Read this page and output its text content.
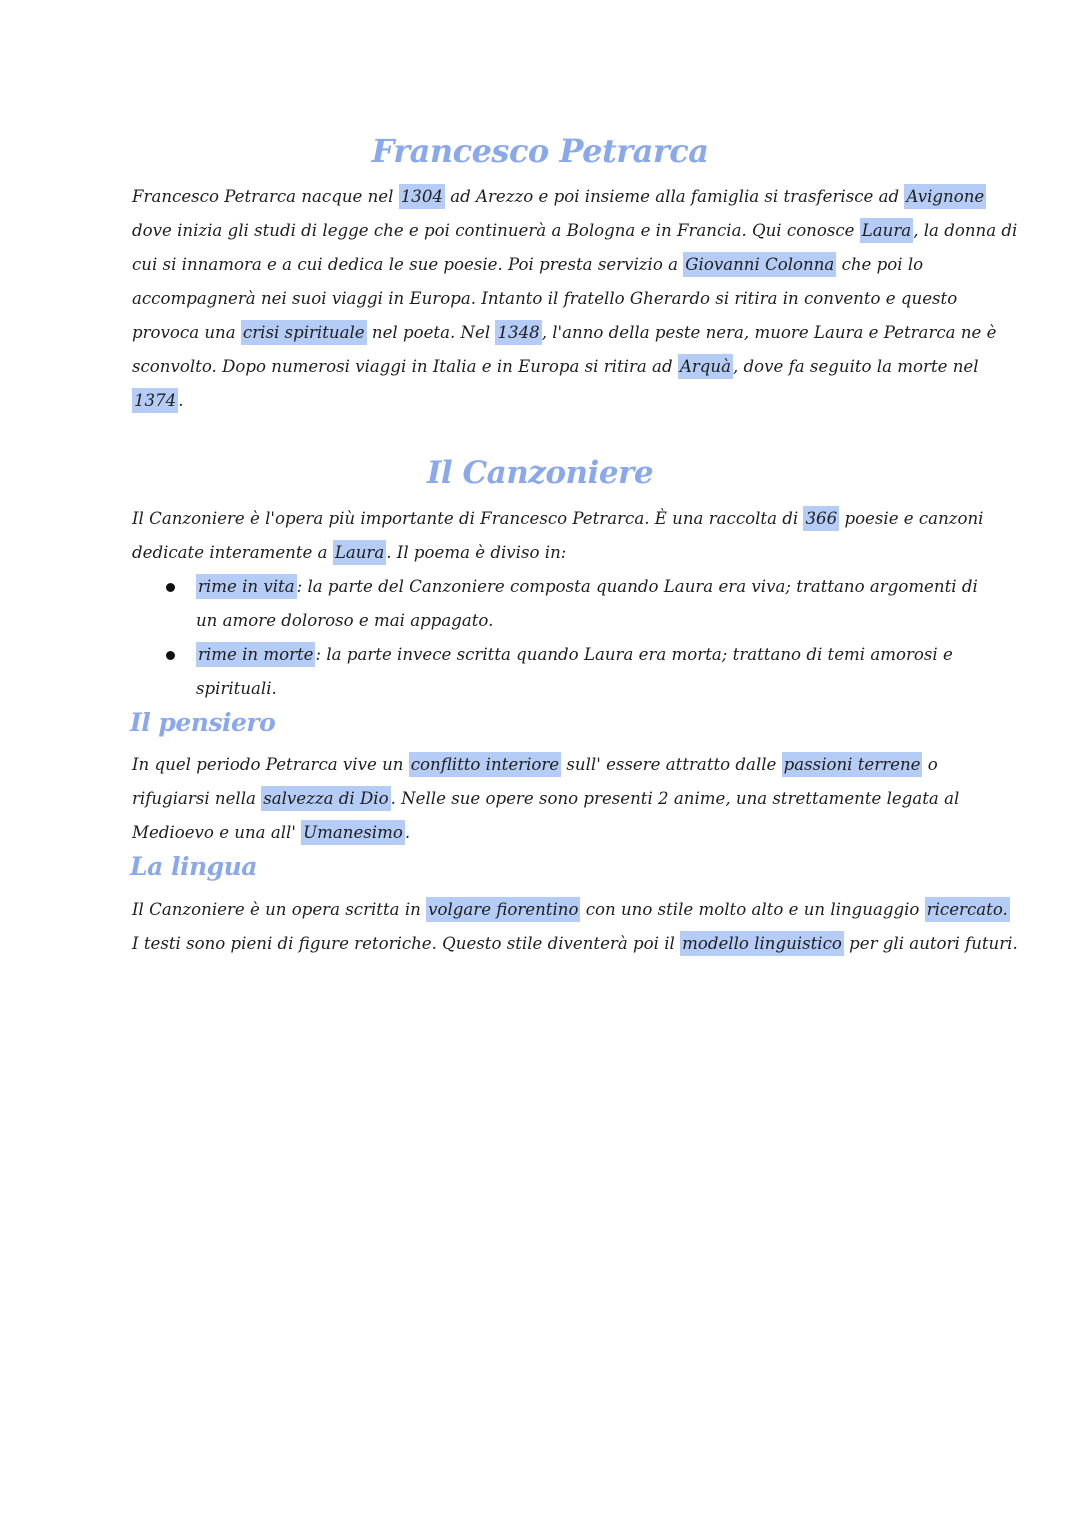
Francesco Petrarca
Francesco Petrarca nacque nel 1304 ad Arezzo e poi insieme alla famiglia si trasferisce ad Avignone
dove inizia gli studi di legge che e poi continuerà a Bologna e in Francia. Qui conosce Laura , la donna di
cui si innamora e a cui dedica le sue poesie. Poi presta servizio a Giovanni Colonna che poi lo
accompagnerà nei suoi viaggi in Europa. Intanto il fratello Gherardo si ritira in convento e questo
provoca una crisi spirituale nel poeta. Nel 1348 , l'anno della peste nera, muore Laura e Petrarca ne è
sconvolto. Dopo numerosi viaggi in Italia e in Europa si ritira ad Arquà , dove fa seguito la morte nel
1374 .
Il Canzoniere
Il Canzoniere è l'opera più importante di Francesco Petrarca. È una raccolta di 366 poesie e canzoni
dedicate interamente a Laura . Il poema è diviso in:
rime in vita : la parte del Canzoniere composta quando Laura era viva; trattano argomenti di
un amore doloroso e mai appagato.
rime in morte : la parte invece scritta quando Laura era morta; trattano di temi amorosi e
spirituali.
Il pensiero
In quel periodo Petrarca vive un conflitto interiore sull' essere attratto dalle passioni terrene o
rifugiarsi nella salvezza di Dio . Nelle sue opere sono presenti 2 anime, una strettamente legata al
Medioevo e una all' Umanesimo .
La lingua
Il Canzoniere è un opera scritta in volgare fiorentino con uno stile molto alto e un linguaggio ricercato.
I testi sono pieni di figure retoriche. Questo stile diventerà poi il modello linguistico per gli autori futuri.
